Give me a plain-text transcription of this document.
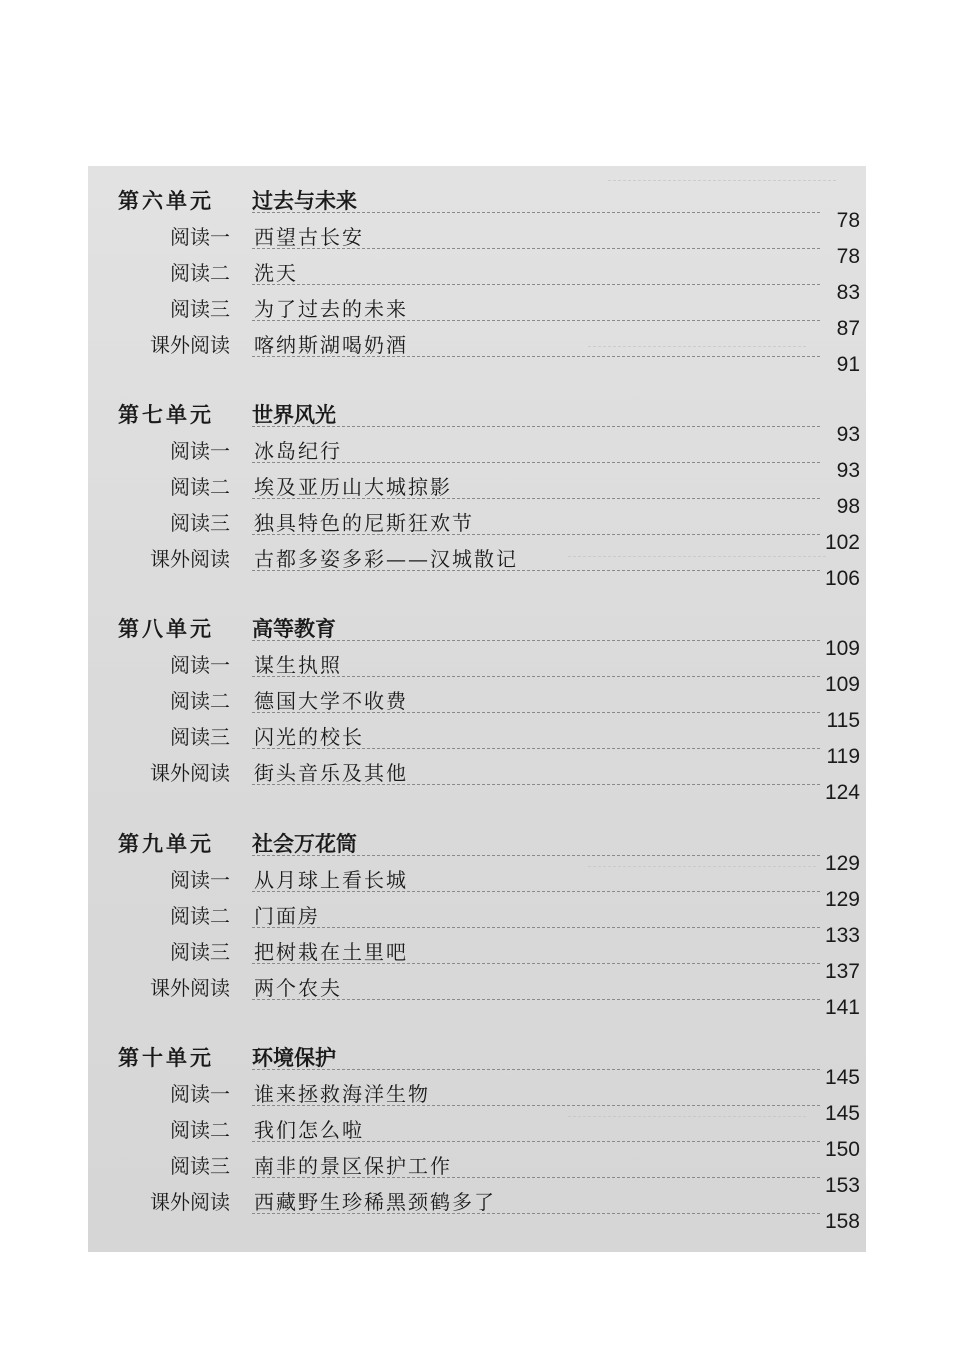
第六单元 过去与未来
78
阅读一 西望古长安
78
阅读二 洗天
83
阅读三 为了过去的未来
87
课外阅读 喀纳斯湖喝奶酒
91
第七单元 世界风光
93
阅读一 冰岛纪行
93
阅读二 埃及亚历山大城掠影
98
阅读三 独具特色的尼斯狂欢节
102
课外阅读 古都多姿多彩——汉城散记
106
第八单元 高等教育
109
阅读一 谋生执照
109
阅读二 德国大学不收费
115
阅读三 闪光的校长
119
课外阅读 街头音乐及其他
124
第九单元 社会万花筒
129
阅读一 从月球上看长城
129
阅读二 门面房
133
阅读三 把树栽在土里吧
137
课外阅读 两个农夫
141
第十单元 环境保护
145
阅读一 谁来拯救海洋生物
145
阅读二 我们怎么啦
150
阅读三 南非的景区保护工作
153
课外阅读 西藏野生珍稀黑颈鹤多了
158
